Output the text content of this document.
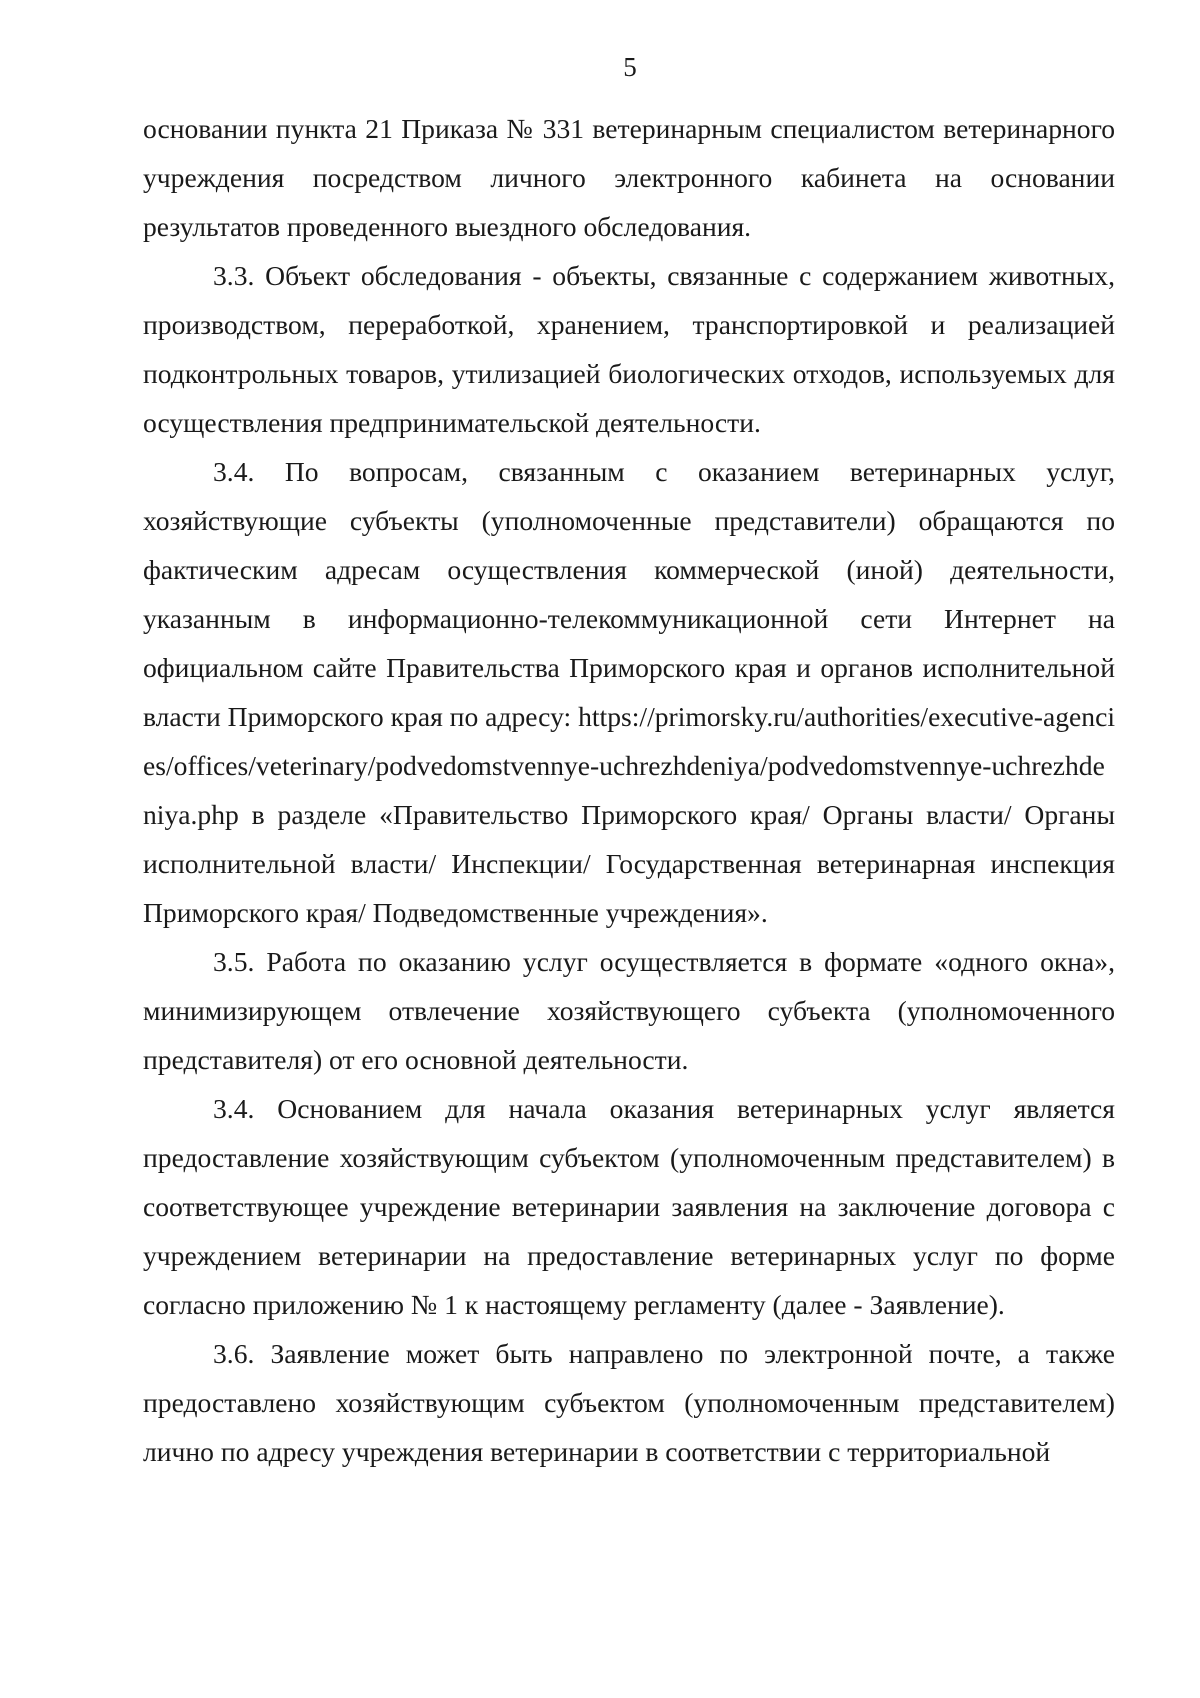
5

основании пункта 21 Приказа № 331 ветеринарным специалистом ветеринарного учреждения посредством личного электронного кабинета на основании результатов проведенного выездного обследования.

3.3. Объект обследования - объекты, связанные с содержанием животных, производством, переработкой, хранением, транспортировкой и реализацией подконтрольных товаров, утилизацией биологических отходов, используемых для осуществления предпринимательской деятельности.

3.4. По вопросам, связанным с оказанием ветеринарных услуг, хозяйствующие субъекты (уполномоченные представители) обращаются по фактическим адресам осуществления коммерческой (иной) деятельности, указанным в информационно-телекоммуникационной сети Интернет на официальном сайте Правительства Приморского края и органов исполнительной власти Приморского края по адресу: https://primorsky.ru/authorities/executive-agencies/offices/veterinary/podvedomstvennye-uchrezhdeniya/podvedomstvennye-uchrezhdeniya.php в разделе «Правительство Приморского края/ Органы власти/ Органы исполнительной власти/ Инспекции/ Государственная ветеринарная инспекция Приморского края/ Подведомственные учреждения».

3.5. Работа по оказанию услуг осуществляется в формате «одного окна», минимизирующем отвлечение хозяйствующего субъекта (уполномоченного представителя) от его основной деятельности.

3.4. Основанием для начала оказания ветеринарных услуг является предоставление хозяйствующим субъектом (уполномоченным представителем) в соответствующее учреждение ветеринарии заявления на заключение договора с учреждением ветеринарии на предоставление ветеринарных услуг по форме согласно приложению № 1 к настоящему регламенту (далее - Заявление).

3.6. Заявление может быть направлено по электронной почте, а также предоставлено хозяйствующим субъектом (уполномоченным представителем) лично по адресу учреждения ветеринарии в соответствии с территориальной
